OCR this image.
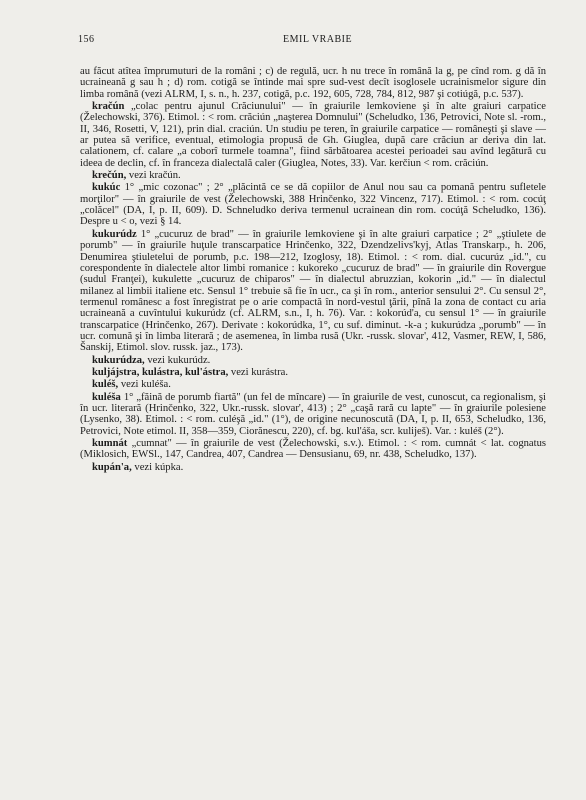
156	EMIL VRABIE

au făcut atîtea împrumuturi de la români ; c) de regulă, ucr. h nu trece în română la g, pe cînd rom. g dă în ucraineană g sau h ; d) rom. cotigă se întinde mai spre sud-vest decît isoglosele ucrainismelor sigure din limba română (vezi ALRM, I, s. n., h. 237, cotigă, p.c. 192, 605, 728, 784, 812, 987 şi cotiúgă, p.c. 537).

kračún „colac pentru ajunul Crăciunului" — în graiurile lemkoviene şi în alte graiuri carpatice (Želechowski, 376). Etimol. : < rom. crăciún „naşterea Domnului" (Scheludko, 136, Petrovici, Note sl. -rom., II, 346, Rosetti, V, 121), prin dial. craciún. Un studiu pe teren, în graiurile carpatice — româneşti şi slave — ar putea să verifice, eventual, etimologia propusă de Gh. Giuglea, după care crăciun ar deriva din lat. calationem, cf. calare „a coborî turmele toamna", fiind sărbătoarea acestei perioadei sau avînd legătură cu ideea de declin, cf. în franceza dialectală caler (Giuglea, Notes, 33). Var. kerčiun < rom. crăciún.

krečún, vezi kračún.

kukúc 1° „mic cozonac" ; 2° „plăcintă ce se dă copiilor de Anul nou sau ca pomană pentru sufletele morţilor" — în graiurile de vest (Želechowski, 388 Hrinčenko, 322 Vincenz, 717). Etimol. : < rom. cocúţ „colăcel" (DA, I, p. II, 609). D. Schneludko deriva termenul ucrainean din rom. cocúţă Scheludko, 136). Despre u < o, vezi § 14.

kukurúdz 1° „cucuruz de brad" — în graiurile lemkoviene şi în alte graiuri carpatice ; 2° „ştiulete de porumb" — în graiurile huţule transcarpatice Hrinčenko, 322, Dzendzelivs'kyj, Atlas Transkarp., h. 206, Denumirea ştiuletelui de porumb, p.c. 198—212, Izoglosy, 18). Etimol. : < rom. dial. cucurúz „id.", cu corespondente în dialectele altor limbi romanice : kukoreko „cucuruz de brad" — în graiurile din Rovergue (sudul Franţei), kukulette „cucuruz de chiparos" — în dialectul abruzzian, kokorin „id." — în dialectul milanez al limbii italiene etc. Sensul 1° trebuie să fie în ucr., ca şi în rom., anterior sensului 2°. Cu sensul 2°, termenul românesc a fost înregistrat pe o arie compactă în nord-vestul ţării, pînă la zona de contact cu aria ucraineană a cuvîntului kukurúdz (cf. ALRM, s.n., I, h. 76). Var. : kokorúd'a, cu sensul 1° — în graiurile transcarpatice (Hrinčenko, 267). Derivate : kokorúdka, 1°, cu suf. diminut. -k-a ; kukurúdza „porumb" — în ucr. comună şi în limba literară ; de asemenea, în limba rusă (Ukr. -russk. slovar', 412, Vasmer, REW, I, 586, Šanskij, Etimol. slov. russk. jaz., 173).

kukurúdza, vezi kukurúdz.

kuljájstra, kulástra, kul'ástra, vezi kurástra.

kuléš, vezi kuléša.

kuléša 1° „făină de porumb fiartă" (un fel de mîncare) — în graiurile de vest, cunoscut, ca regionalism, şi în ucr. literară (Hrinčenko, 322, Ukr.-russk. slovar', 413) ; 2° „caşă rară cu lapte" — în graiurile polesiene (Lysenko, 38). Etimol. : < rom. culéşă „id." (1°), de origine necunoscută (DA, I, p. II, 653, Scheludko, 136, Petrovici, Note etimol. II, 358—359, Ciorănescu, 220), cf. bg. kul'áša, scr. kuliješ). Var. : kuléš (2°).

kumnát „cumnat" — în graiurile de vest (Želechowski, s.v.). Etimol. : < rom. cumnát < lat. cognatus (Miklosich, EWSl., 147, Candrea, 407, Candrea — Densusianu, 69, nr. 438, Scheludko, 137).

kupán'a, vezi kúpka.
